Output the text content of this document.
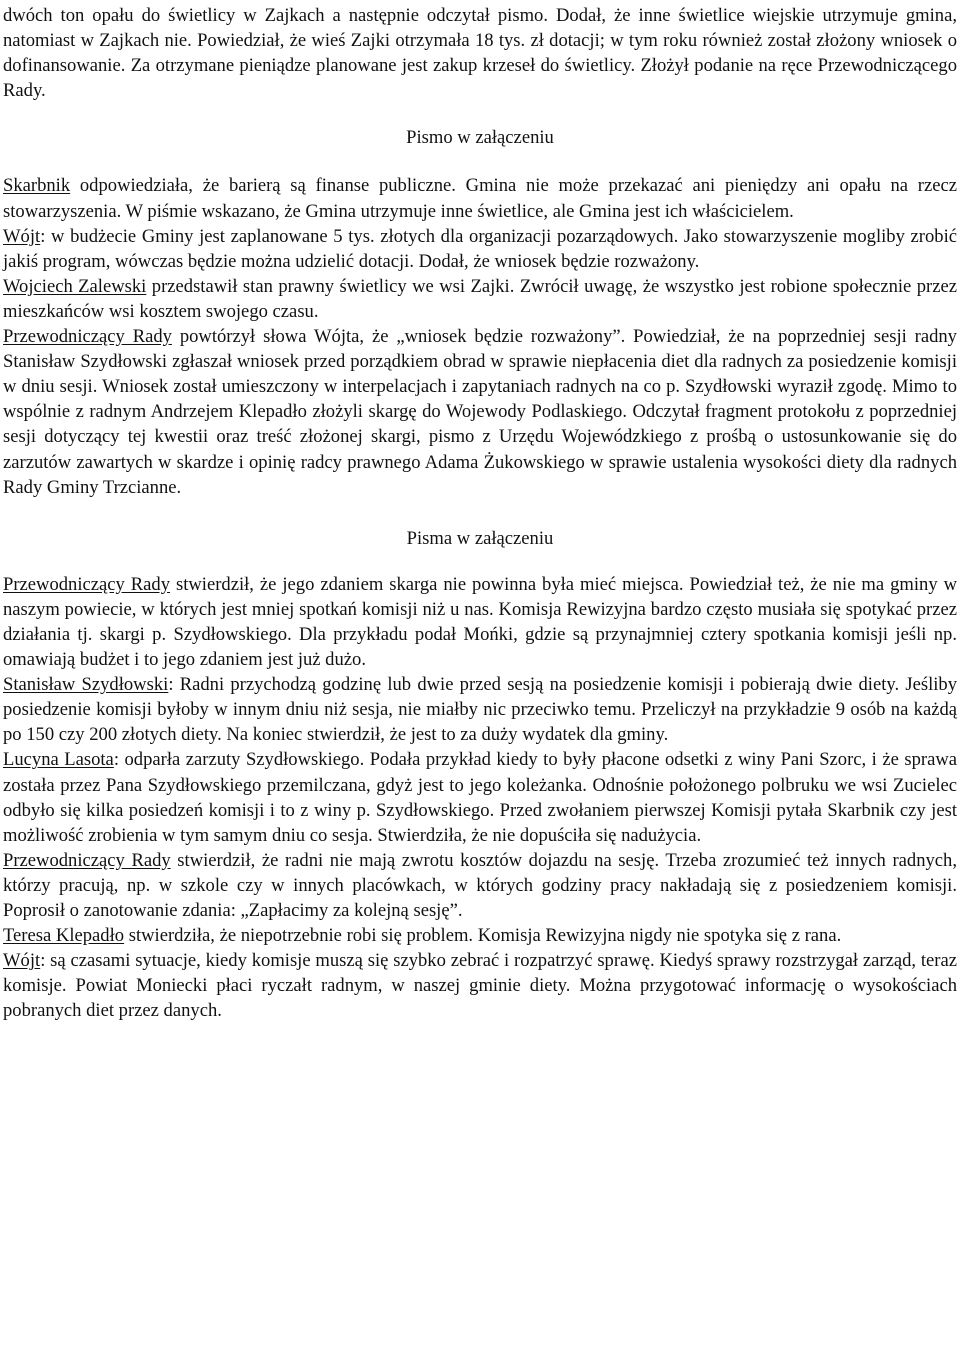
dwóch ton opału do świetlicy w Zajkach a następnie odczytał pismo. Dodał, że inne świetlice wiejskie utrzymuje gmina, natomiast w Zajkach nie. Powiedział, że wieś Zajki otrzymała 18 tys. zł dotacji; w tym roku również został złożony wniosek o dofinansowanie. Za otrzymane pieniądze planowane jest zakup krzeseł do świetlicy. Złożył podanie na ręce Przewodniczącego Rady.

Pismo w załączeniu

Skarbnik odpowiedziała, że barierą są finanse publiczne. Gmina nie może przekazać ani pieniędzy ani opału na rzecz stowarzyszenia. W piśmie wskazano, że Gmina utrzymuje inne świetlice, ale Gmina jest ich właścicielem.

Wójt: w budżecie Gminy jest zaplanowane 5 tys. złotych dla organizacji pozarządowych. Jako stowarzyszenie mogliby zrobić jakiś program, wówczas będzie można udzielić dotacji. Dodał, że wniosek będzie rozważony.

Wojciech Zalewski przedstawił stan prawny świetlicy we wsi Zajki. Zwrócił uwagę, że wszystko jest robione społecznie przez mieszkańców wsi kosztem swojego czasu.

Przewodniczący Rady powtórzył słowa Wójta, że „wniosek będzie rozważony”. Powiedział, że na poprzedniej sesji radny Stanisław Szydłowski zgłaszał wniosek przed porządkiem obrad w sprawie niepłacenia diet dla radnych za posiedzenie komisji w dniu sesji. Wniosek został umieszczony w interpelacjach i zapytaniach radnych na co p. Szydłowski wyraził zgodę. Mimo to wspólnie z radnym Andrzejem Klepadło złożyli skargę do Wojewody Podlaskiego. Odczytał fragment protokołu z poprzedniej sesji dotyczący tej kwestii oraz treść złożonej skargi, pismo z Urzędu Wojewódzkiego z prośbą o ustosunkowanie się do zarzutów zawartych w skardze i opinię radcy prawnego Adama Żukowskiego w sprawie ustalenia wysokości diety dla radnych Rady Gminy Trzcianne.

Pisma w załączeniu

Przewodniczący Rady stwierdził, że jego zdaniem skarga nie powinna była mieć miejsca. Powiedział też, że nie ma gminy w naszym powiecie, w których jest mniej spotkań komisji niż u nas. Komisja Rewizyjna bardzo często musiała się spotykać przez działania tj. skargi p. Szydłowskiego. Dla przykładu podał Mońki, gdzie są przynajmniej cztery spotkania komisji jeśli np. omawiają budżet i to jego zdaniem jest już dużo.

Stanisław Szydłowski: Radni przychodzą godzinę lub dwie przed sesją na posiedzenie komisji i pobierają dwie diety. Jeśliby posiedzenie komisji byłoby w innym dniu niż sesja, nie miałby nic przeciwko temu. Przeliczył na przykładzie 9 osób na każdą po 150 czy 200 złotych diety. Na koniec stwierdził, że jest to za duży wydatek dla gminy.

Lucyna Lasota: odparła zarzuty Szydłowskiego. Podała przykład kiedy to były płacone odsetki z winy Pani Szorc, i że sprawa została przez Pana Szydłowskiego przemilczana, gdyż jest to jego koleżanka. Odnośnie położonego polbruku we wsi Zucielec odbyło się kilka posiedzeń komisji i to z winy p. Szydłowskiego. Przed zwołaniem pierwszej Komisji pytała Skarbnik czy jest możliwość zrobienia w tym samym dniu co sesja. Stwierdziła, że nie dopuściła się nadużycia.

Przewodniczący Rady stwierdził, że radni nie mają zwrotu kosztów dojazdu na sesję. Trzeba zrozumieć też innych radnych, którzy pracują, np. w szkole czy w innych placówkach, w których godziny pracy nakładają się z posiedzeniem komisji. Poprosił o zanotowanie zdania: „Zapłacimy za kolejną sesję”.

Teresa Klepadło stwierdziła, że niepotrzebnie robi się problem. Komisja Rewizyjna nigdy nie spotyka się z rana.

Wójt: są czasami sytuacje, kiedy komisje muszą się szybko zebrać i rozpatrzyć sprawę. Kiedyś sprawy rozstrzygał zarząd, teraz komisje. Powiat Moniecki płaci ryczałt radnym, w naszej gminie diety. Można przygotować informację o wysokościach pobranych diet przez danych.
